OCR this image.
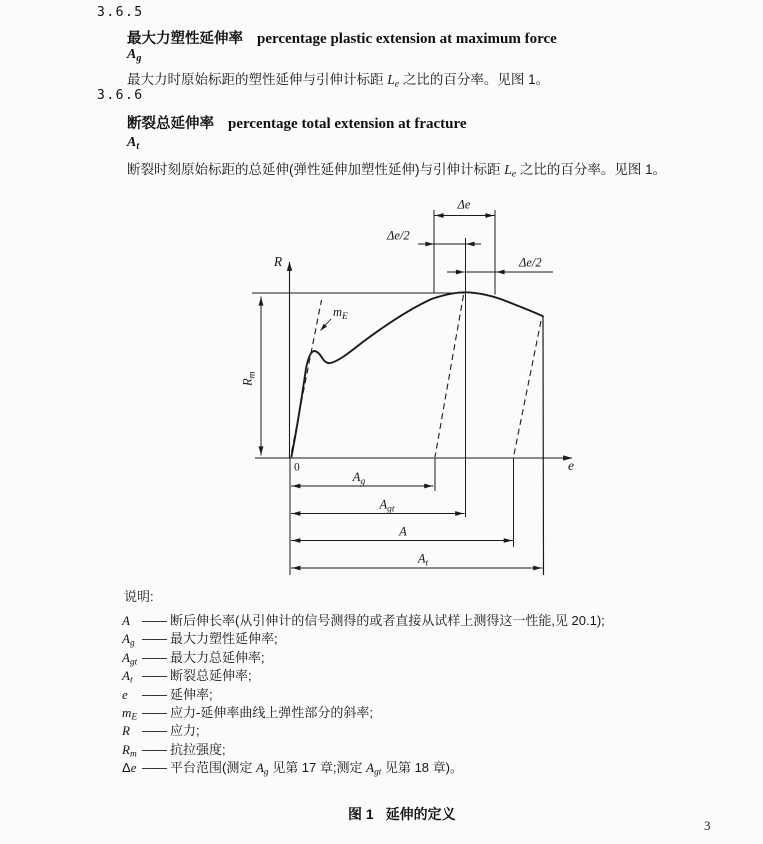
3.6.5
最大力塑性延伸率 percentage plastic extension at maximum force
$A_g$
最大力时原始标距的塑性延伸与引伸计标距 $L_e$ 之比的百分率。见图 1。
3.6.6
断裂总延伸率 percentage total extension at fracture
$A_t$
断裂时刻原始标距的总延伸(弹性延伸加塑性延伸)与引伸计标距 $L_e$ 之比的百分率。见图 1。
R
e
0
$m_E$
Δe
Δe/2
Δe/2
$R_m$
$A_g$
$A_{gt}$
A
$A_t$
说明:
A —— 断后伸长率(从引伸计的信号测得的或者直接从试样上测得这一性能,见 20.1);
$A_g$ —— 最大力塑性延伸率;
$A_{gt}$ —— 最大力总延伸率;
$A_t$ —— 断裂总延伸率;
e —— 延伸率;
$m_E$ —— 应力-延伸率曲线上弹性部分的斜率;
R —— 应力;
$R_m$ —— 抗拉强度;
Δe —— 平台范围(测定 $A_g$ 见第 17 章;测定 $A_{gt}$ 见第 18 章)。
图 1 延伸的定义
3
